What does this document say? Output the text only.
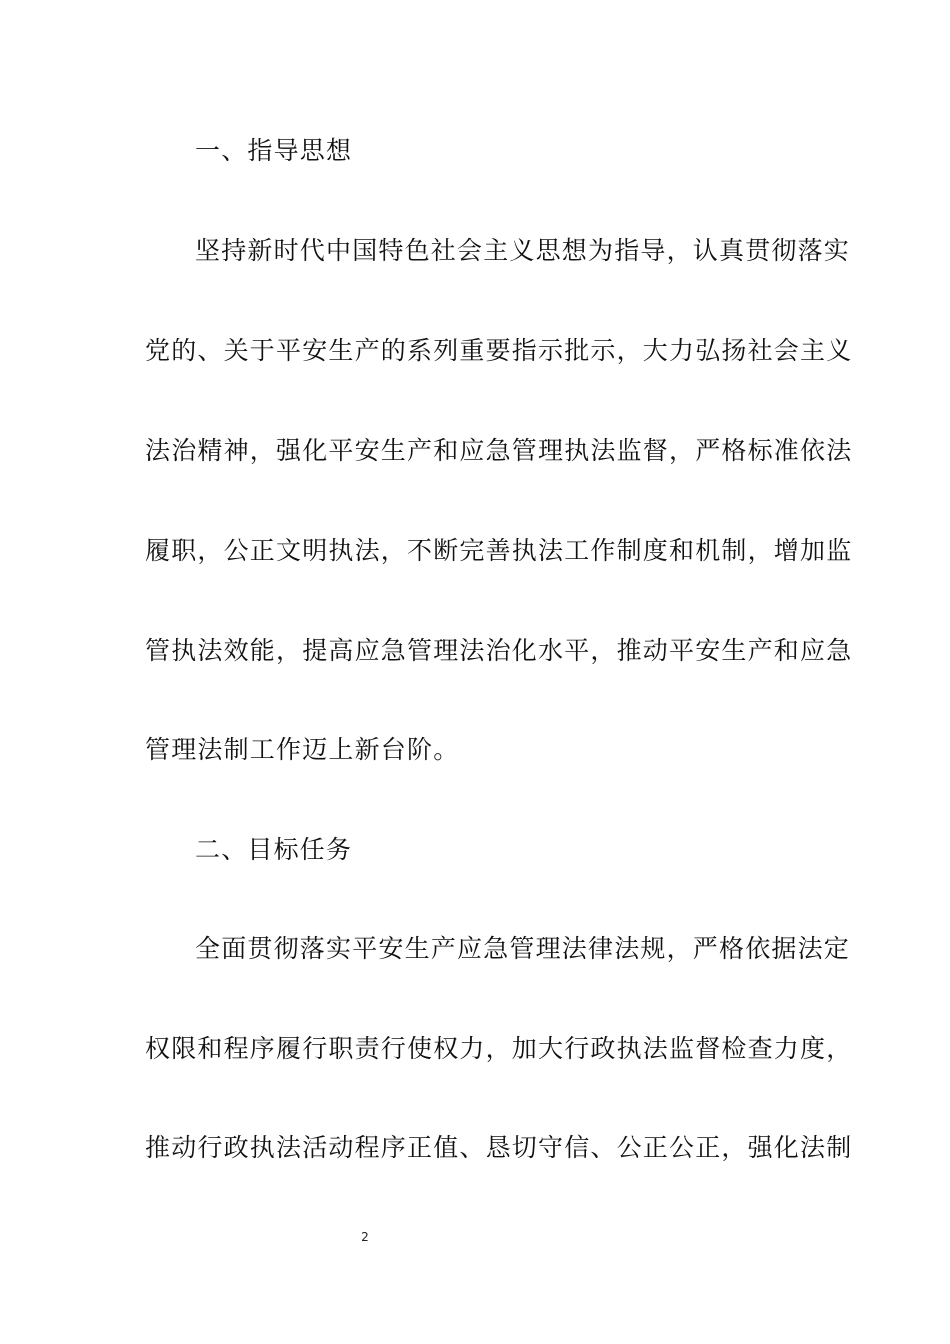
一、指导思想
坚持新时代中国特色社会主义思想为指导，认真贯彻落实
党的、关于平安生产的系列重要指示批示，大力弘扬社会主义
法治精神，强化平安生产和应急管理执法监督，严格标准依法
履职，公正文明执法，不断完善执法工作制度和机制，增加监
管执法效能，提高应急管理法治化水平，推动平安生产和应急
管理法制工作迈上新台阶。
二、目标任务
全面贯彻落实平安生产应急管理法律法规，严格依据法定
权限和程序履行职责行使权力，加大行政执法监督检查力度，
推动行政执法活动程序正值、恳切守信、公正公正，强化法制
2
